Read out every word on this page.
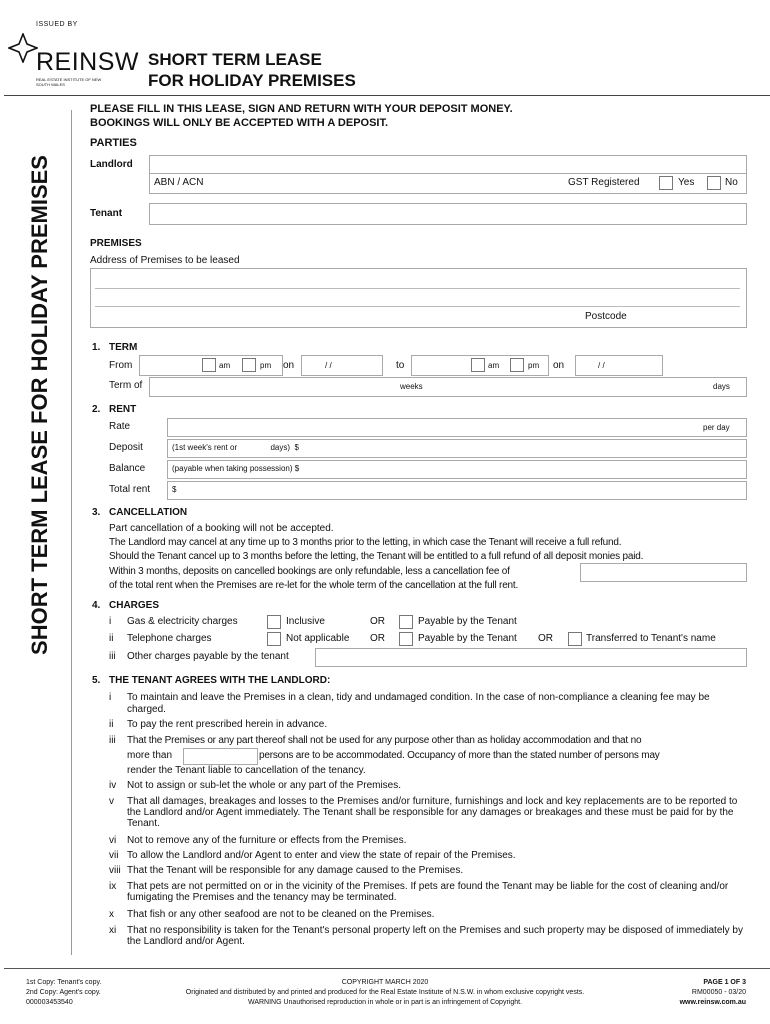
ISSUED BY
REINSW
REAL ESTATE INSTITUTE OF NEW SOUTH WALES
SHORT TERM LEASE
FOR HOLIDAY PREMISES
SHORT TERM LEASE FOR HOLIDAY PREMISES
PLEASE FILL IN THIS LEASE, SIGN AND RETURN WITH YOUR DEPOSIT MONEY.
BOOKINGS WILL ONLY BE ACCEPTED WITH A DEPOSIT.
PARTIES
Landlord
ABN / ACN	GST Registered	Yes	No
Tenant
PREMISES
Address of Premises to be leased
Postcode
1. TERM
From	am	pm on	/ /	to	am	pm on	/ /
Term of	weeks	days
2. RENT
Rate	per day
Deposit	(1st week's rent or               days)  $
Balance	(payable when taking possession) $
Total rent	$
3. CANCELLATION
Part cancellation of a booking will not be accepted.
The Landlord may cancel at any time up to 3 months prior to the letting, in which case the Tenant will receive a full refund.
Should the Tenant cancel up to 3 months before the letting, the Tenant will be entitled to a full refund of all deposit monies paid.
Within 3 months, deposits on cancelled bookings are only refundable, less a cancellation fee of
of the total rent when the Premises are re-let for the whole term of the cancellation at the full rent.
4. CHARGES
i Gas & electricity charges	Inclusive	OR	Payable by the Tenant
ii Telephone charges	Not applicable OR	Payable by the Tenant OR	Transferred to Tenant's name
iii Other charges payable by the tenant
5. THE TENANT AGREES WITH THE LANDLORD:
i To maintain and leave the Premises in a clean, tidy and undamaged condition. In the case of non-compliance a cleaning fee may be charged.
ii To pay the rent prescribed herein in advance.
iii That the Premises or any part thereof shall not be used for any purpose other than as holiday accommodation and that no
more than	persons are to be accommodated. Occupancy of more than the stated number of persons may
render the Tenant liable to cancellation of the tenancy.
iv Not to assign or sub-let the whole or any part of the Premises.
v That all damages, breakages and losses to the Premises and/or furniture, furnishings and lock and key replacements are to be reported to the Landlord and/or Agent immediately. The Tenant shall be responsible for any damages or breakages and these must be paid for by the Tenant.
vi Not to remove any of the furniture or effects from the Premises.
vii To allow the Landlord and/or Agent to enter and view the state of repair of the Premises.
viii That the Tenant will be responsible for any damage caused to the Premises.
ix That pets are not permitted on or in the vicinity of the Premises. If pets are found the Tenant may be liable for the cost of cleaning and/or fumigating the Premises and the tenancy may be terminated.
x That fish or any other seafood are not to be cleaned on the Premises.
xi That no responsibility is taken for the Tenant's personal property left on the Premises and such property may be disposed of immediately by the Landlord and/or Agent.
1st Copy: Tenant's copy.
2nd Copy: Agent's copy.
000003453540
COPYRIGHT MARCH 2020
Originated and distributed by and printed and produced for the Real Estate Institute of N.S.W. in whom exclusive copyright vests.
WARNING Unauthorised reproduction in whole or in part is an infringement of Copyright.
PAGE 1 OF 3
RM00050 - 03/20
www.reinsw.com.au
